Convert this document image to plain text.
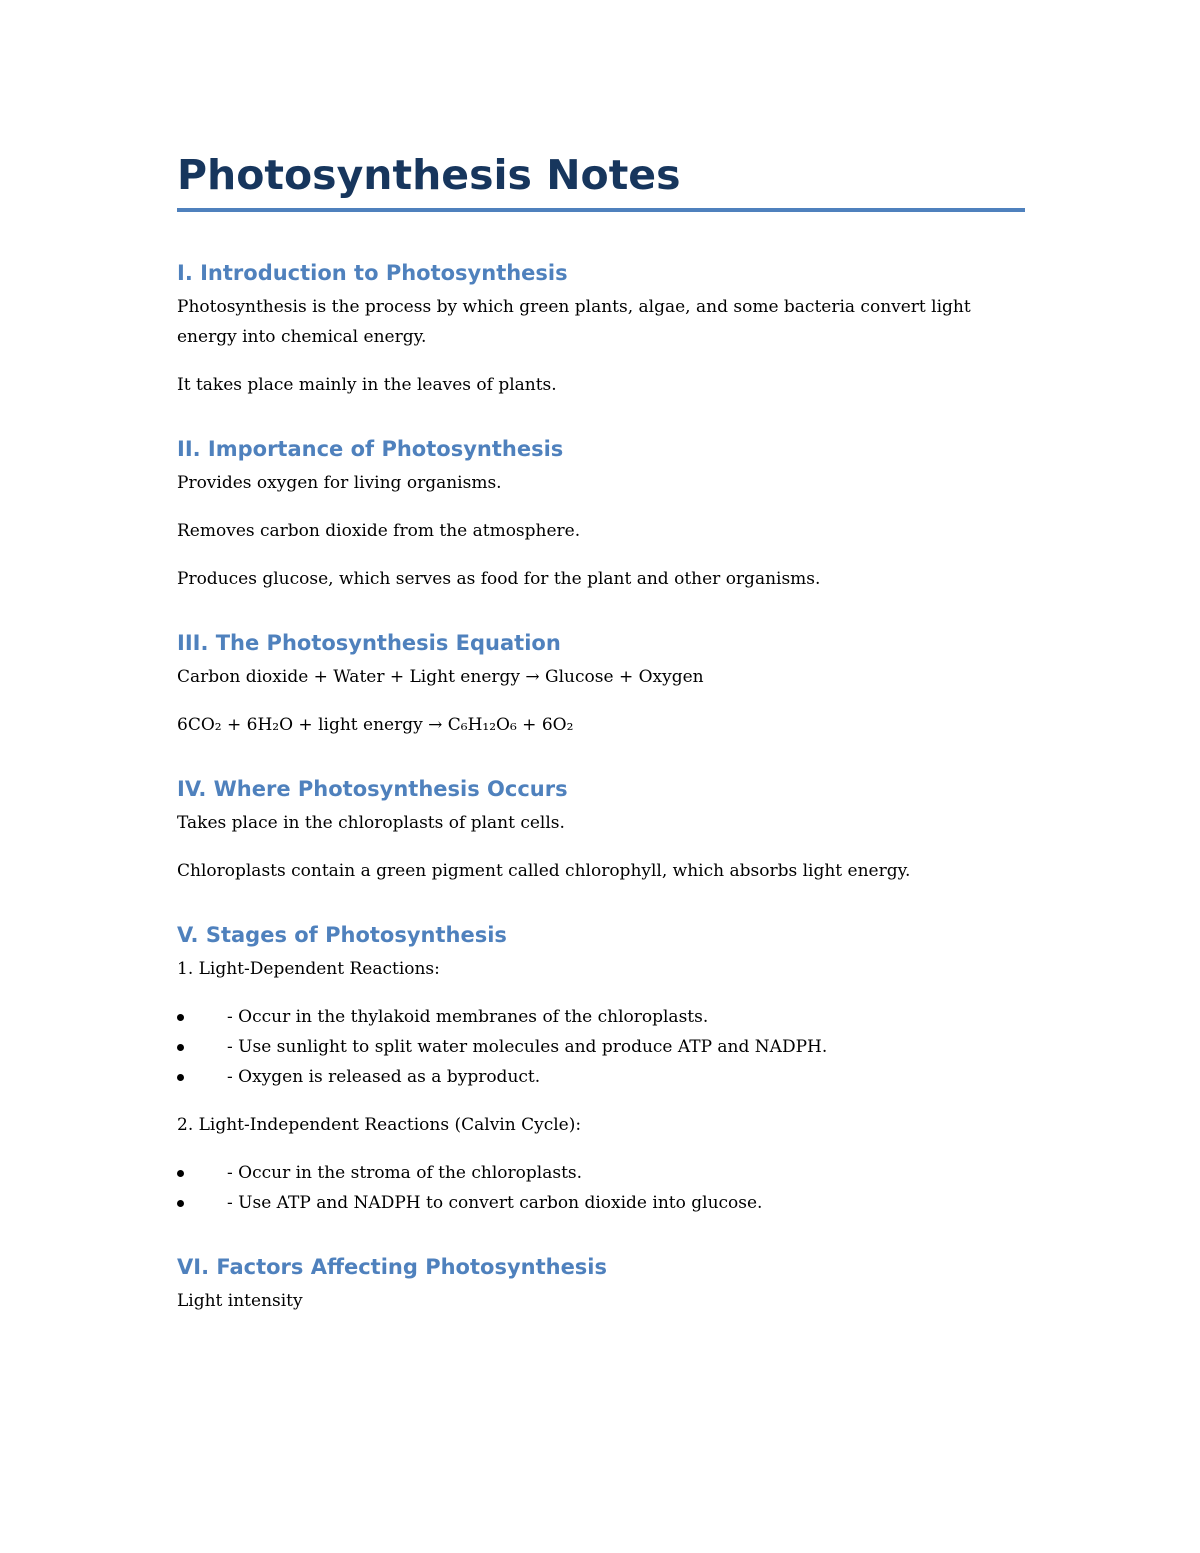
Photosynthesis Notes
I. Introduction to Photosynthesis

Photosynthesis is the process by which green plants, algae, and some bacteria convert light energy into chemical energy.

It takes place mainly in the leaves of plants.

II. Importance of Photosynthesis

Provides oxygen for living organisms.

Removes carbon dioxide from the atmosphere.

Produces glucose, which serves as food for the plant and other organisms.

III. The Photosynthesis Equation

Carbon dioxide + Water + Light energy → Glucose + Oxygen

6CO₂ + 6H₂O + light energy → C₆H₁₂O₆ + 6O₂

IV. Where Photosynthesis Occurs

Takes place in the chloroplasts of plant cells.

Chloroplasts contain a green pigment called chlorophyll, which absorbs light energy.

V. Stages of Photosynthesis

1. Light-Dependent Reactions:

- Occur in the thylakoid membranes of the chloroplasts.
- Use sunlight to split water molecules and produce ATP and NADPH.
- Oxygen is released as a byproduct.

2. Light-Independent Reactions (Calvin Cycle):

- Occur in the stroma of the chloroplasts.
- Use ATP and NADPH to convert carbon dioxide into glucose.
VI. Factors Affecting Photosynthesis

Light intensity
